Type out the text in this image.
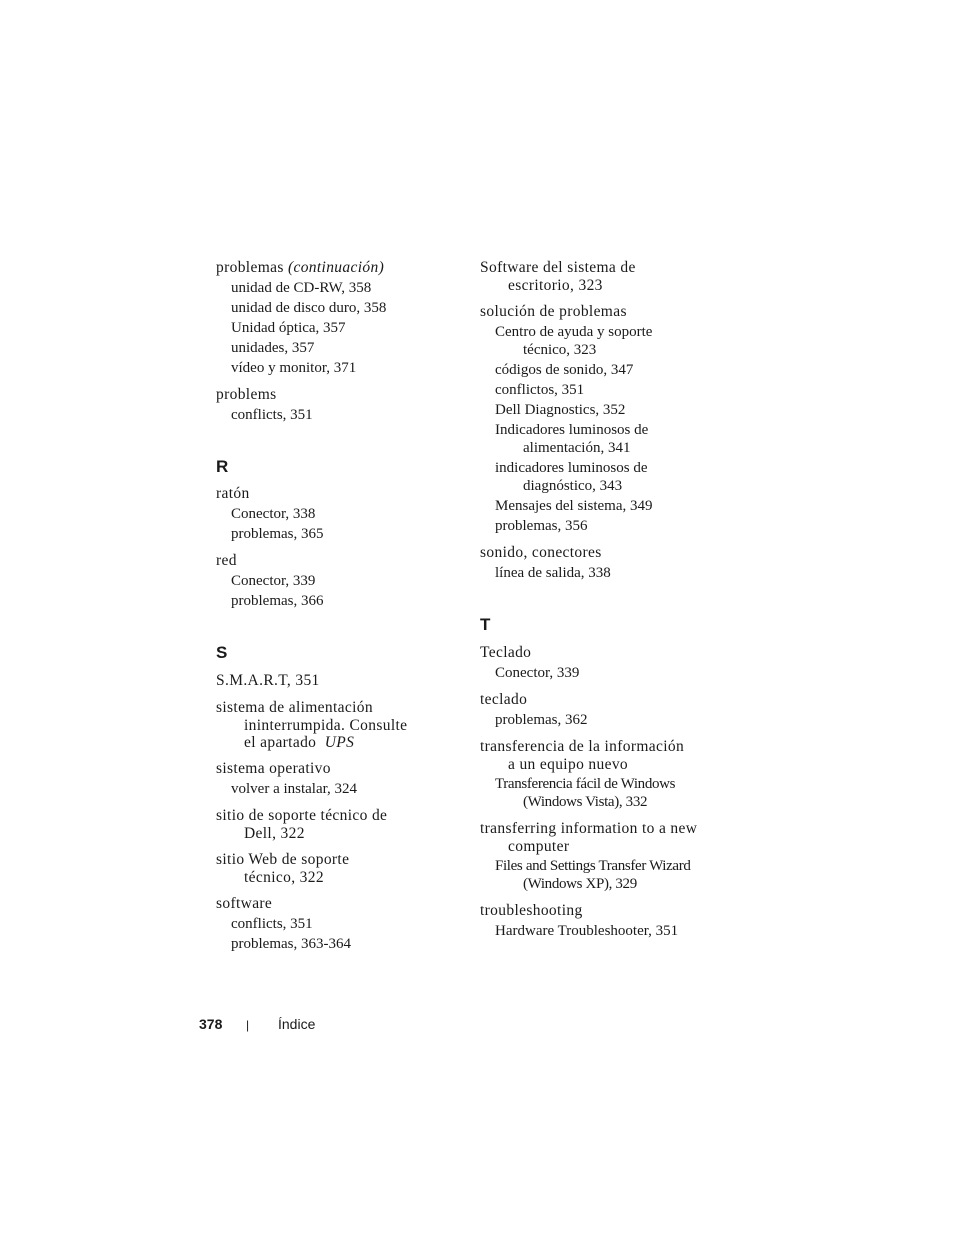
problemas (continuación)
unidad de CD-RW, 358
unidad de disco duro, 358
Unidad óptica, 357
unidades, 357
vídeo y monitor, 371
problems
conflicts, 351
R
ratón
Conector, 338
problemas, 365
red
Conector, 339
problemas, 366
S
S.M.A.R.T, 351
sistema de alimentación
ininterrumpida. Consulte
el apartado UPS
sistema operativo
volver a instalar, 324
sitio de soporte técnico de
Dell, 322
sitio Web de soporte
técnico, 322
software
conflicts, 351
problemas, 363-364
Software del sistema de
escritorio, 323
solución de problemas
Centro de ayuda y soporte
técnico, 323
códigos de sonido, 347
conflictos, 351
Dell Diagnostics, 352
Indicadores luminosos de
alimentación, 341
indicadores luminosos de
diagnóstico, 343
Mensajes del sistema, 349
problemas, 356
sonido, conectores
línea de salida, 338
T
Teclado
Conector, 339
teclado
problemas, 362
transferencia de la información
a un equipo nuevo
Transferencia fácil de Windows
(Windows Vista), 332
transferring information to a new
computer
Files and Settings Transfer Wizard
(Windows XP), 329
troubleshooting
Hardware Troubleshooter, 351
378 | Índice
